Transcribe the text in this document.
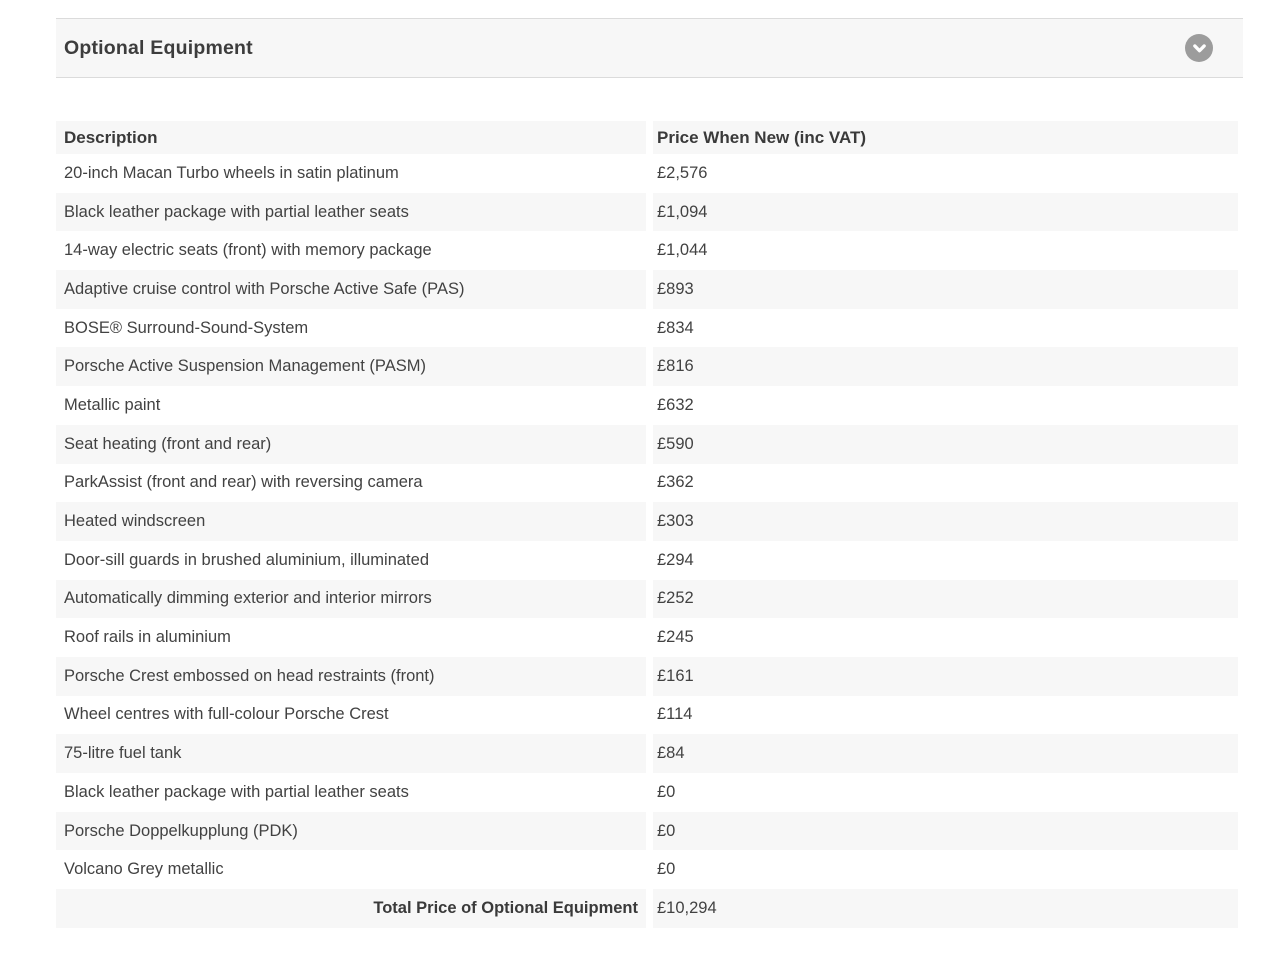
Optional Equipment
Description	Price When New (inc VAT)
20-inch Macan Turbo wheels in satin platinum	£2,576
Black leather package with partial leather seats	£1,094
14-way electric seats (front) with memory package	£1,044
Adaptive cruise control with Porsche Active Safe (PAS)	£893
BOSE® Surround-Sound-System	£834
Porsche Active Suspension Management (PASM)	£816
Metallic paint	£632
Seat heating (front and rear)	£590
ParkAssist (front and rear) with reversing camera	£362
Heated windscreen	£303
Door-sill guards in brushed aluminium, illuminated	£294
Automatically dimming exterior and interior mirrors	£252
Roof rails in aluminium	£245
Porsche Crest embossed on head restraints (front)	£161
Wheel centres with full-colour Porsche Crest	£114
75-litre fuel tank	£84
Black leather package with partial leather seats	£0
Porsche Doppelkupplung (PDK)	£0
Volcano Grey metallic	£0
Total Price of Optional Equipment	£10,294
